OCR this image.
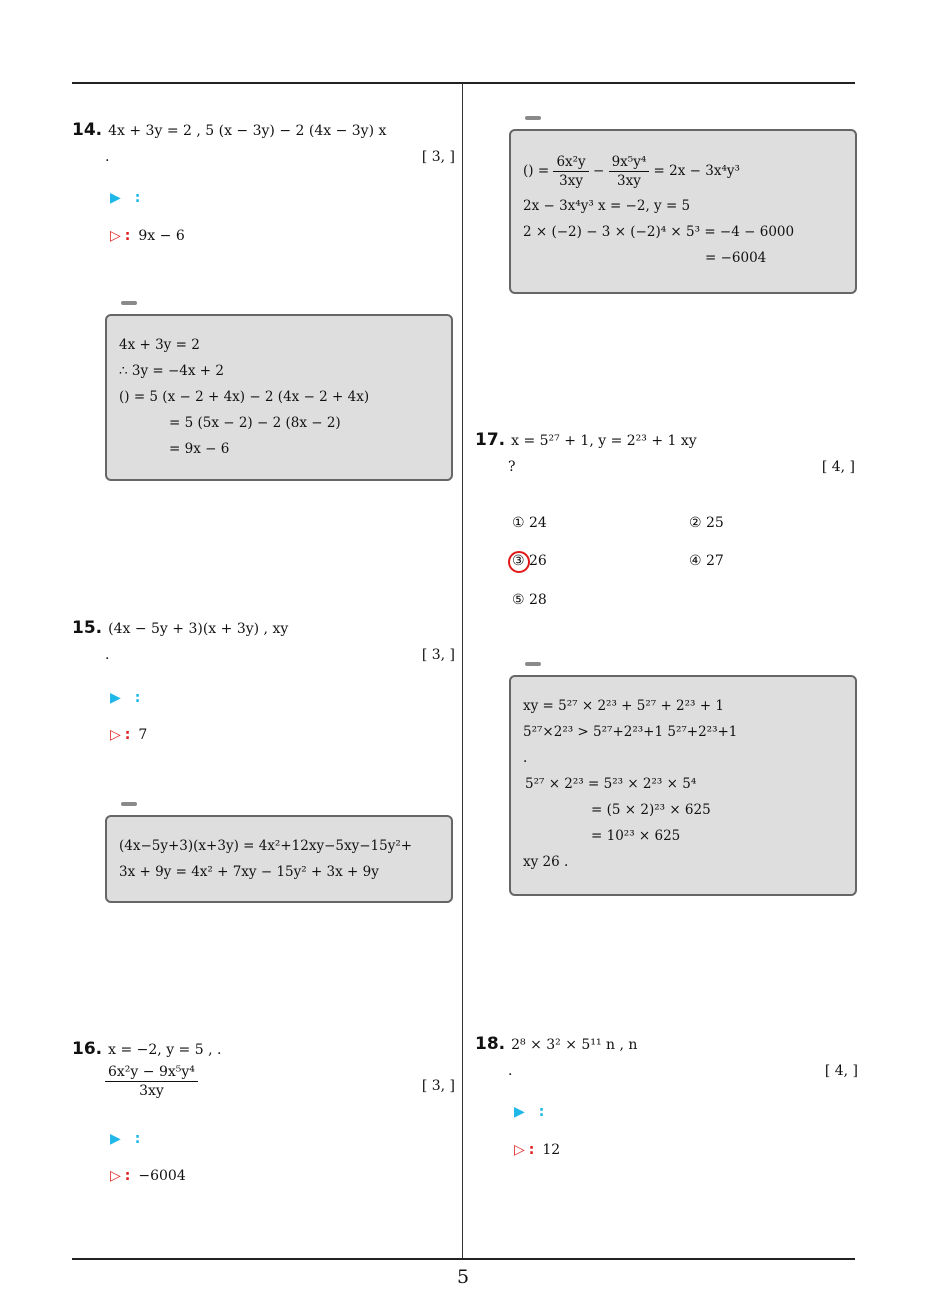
5
14. 4x + 3y = 2 , 5 (x − 3y) − 2 (4x − 3y) x
.	[ 3, ]
▶ :
▷ : 9x − 6
4x + 3y = 2
∴ 3y = −4x + 2
() = 5 (x − 2 + 4x) − 2 (4x − 2 + 4x)
= 5 (5x − 2) − 2 (8x − 2)
= 9x − 6
15. (4x − 5y + 3)(x + 3y) , xy
.	[ 3, ]
▶ :
▷ : 7
(4x−5y+3)(x+3y) = 4x²+12xy−5xy−15y²+
3x + 9y = 4x² + 7xy − 15y² + 3x + 9y
16. x = −2, y = 5 , .
$\frac{\text{6x²y − 9x⁵y⁴}}{3xy}$	[ 3, ]
▶ :
▷ : −6004
() = $\frac{\text{6x²y}}{3xy} - \frac{\text{9x⁵y⁴}}{3xy} = 2x - 3x^4y^3$
2x − 3x⁴y³ x = −2, y = 5
2 × (−2) − 3 × (−2)⁴ × 5³ = −4 − 6000
= −6004
17. x = 5²⁷ + 1, y = 2²³ + 1 xy
?	[ 4, ]
① 24	② 25
③ 26	④ 27
⑤ 28
xy = 5²⁷ × 2²³ + 5²⁷ + 2²³ + 1
5²⁷×2²³ > 5²⁷+2²³+1 5²⁷+2²³+1
.
5²⁷ × 2²³ = 5²³ × 2²³ × 5⁴
= (5 × 2)²³ × 625
= 10²³ × 625
xy 26 .
18. 2⁸ × 3² × 5¹¹ n , n
.	[ 4, ]
▶ :
▷ : 12
